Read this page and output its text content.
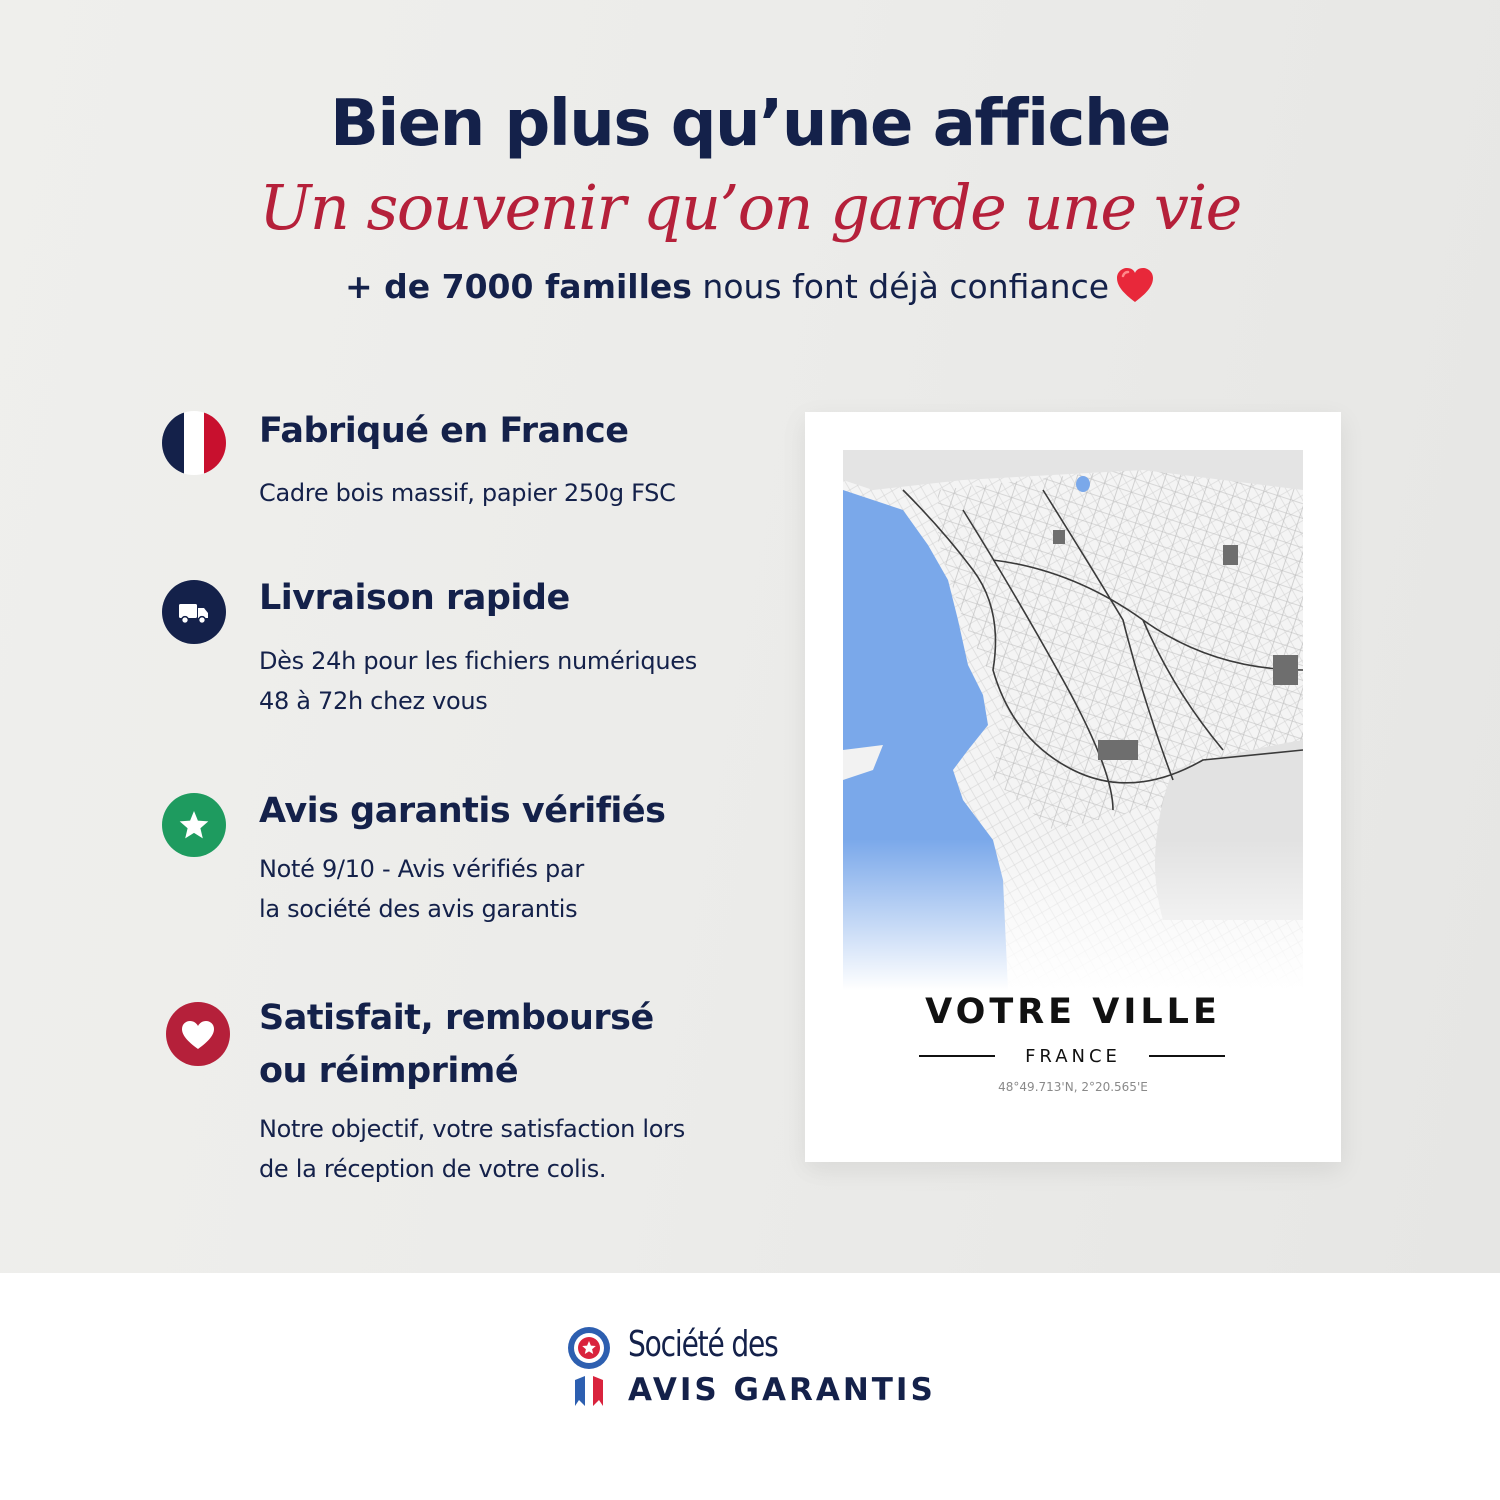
Bien plus qu’une affiche
Un souvenir qu’on garde une vie
+ de 7000 familles nous font déjà confiance
Fabriqué en France
Cadre bois massif, papier 250g FSC
Livraison rapide
Dès 24h pour les fichiers numériques
48 à 72h chez vous
Avis garantis vérifiés
Noté 9/10 - Avis vérifiés par
la société des avis garantis
Satisfait, remboursé
ou réimprimé
Notre objectif, votre satisfaction lors
de la réception de votre colis.
VOTRE VILLE
FRANCE
48°49.713'N, 2°20.565'E
Société des
AVIS GARANTIS
